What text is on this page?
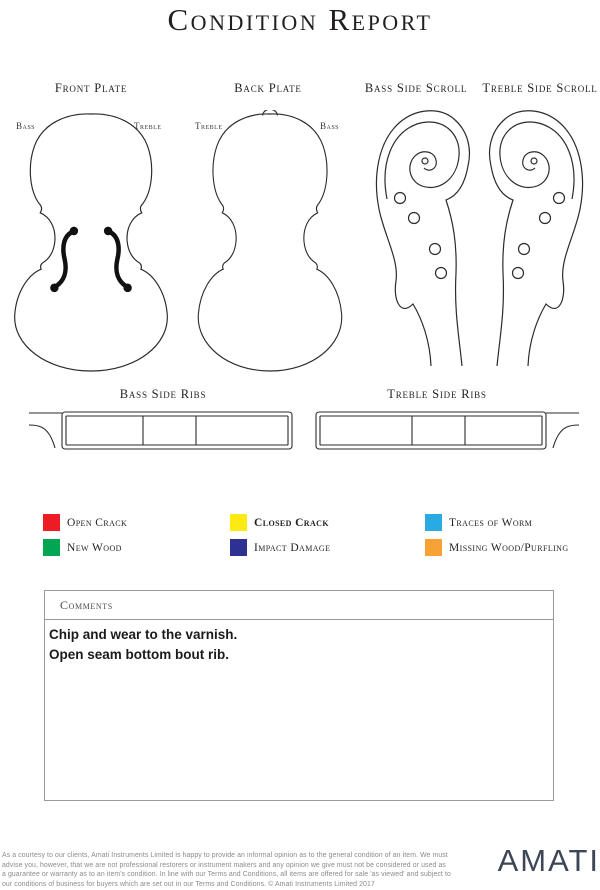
Condition Report
Front Plate	Back Plate	Bass Side Scroll Treble Side Scroll
Bass	Treble	Treble	Bass
Bass Side Ribs	Treble Side Ribs
Open Crack	Closed Crack	Traces of Worm
New Wood	Impact Damage	Missing Wood/Purfling
Comments
Chip and wear to the varnish.
Open seam bottom bout rib.
As a courtesy to our clients, Amati Instruments Limited is happy to provide an informal opinion as to the general condition of an item. We must
advise you, however, that we are not professional restorers or instrument makers and any opinion we give must not be considered or used as
a guarantee or warranty as to an item's condition. In line with our Terms and Conditions, all items are offered for sale 'as viewed' and subject to
our conditions of business for buyers which are set out in our Terms and Conditions. © Amati Instruments Limited 2017
AMATI
